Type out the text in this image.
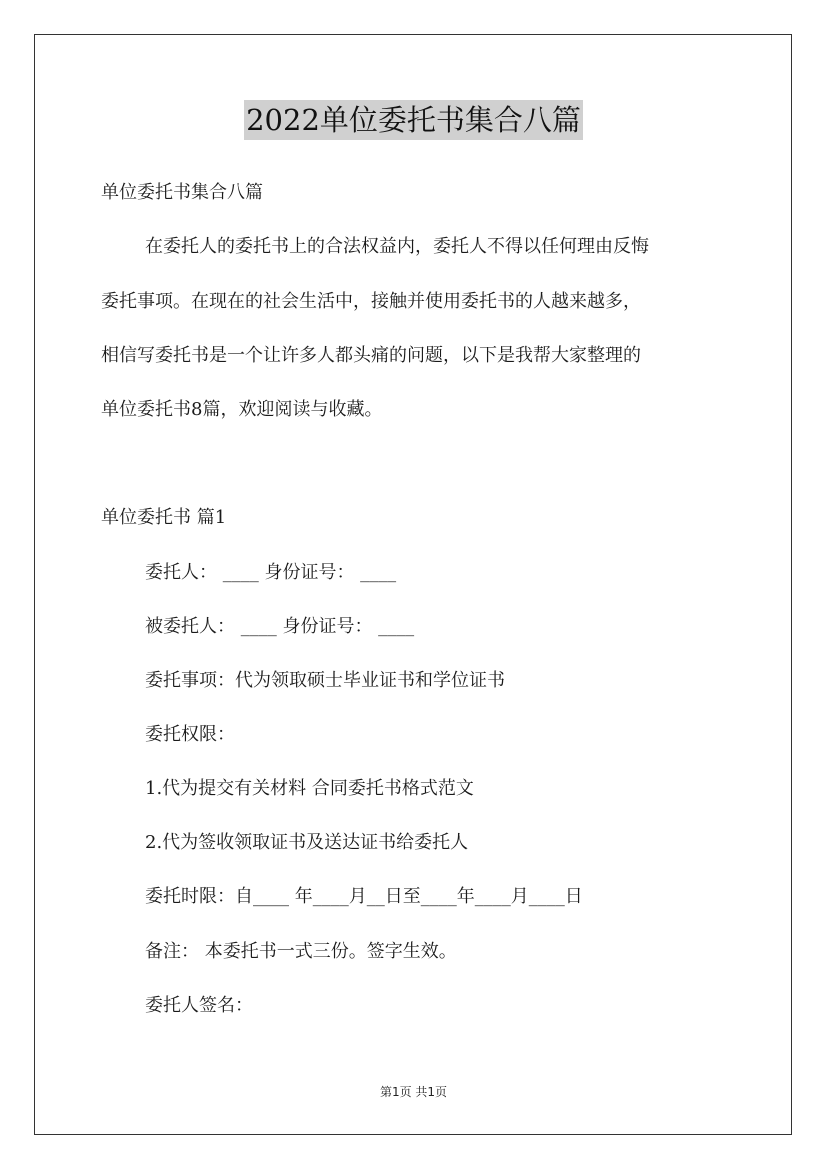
2022单位委托书集合八篇
单位委托书集合八篇
在委托人的委托书上的合法权益内，委托人不得以任何理由反悔
委托事项。在现在的社会生活中，接触并使用委托书的人越来越多，
相信写委托书是一个让许多人都头痛的问题，以下是我帮大家整理的
单位委托书8篇，欢迎阅读与收藏。
单位委托书 篇1
委托人： ____ 身份证号： ____
被委托人： ____ 身份证号： ____
委托事项：代为领取硕士毕业证书和学位证书
委托权限：
1.代为提交有关材料 合同委托书格式范文
2.代为签收领取证书及送达证书给委托人
委托时限：自____ 年____月__日至____年____月____日
备注： 本委托书一式三份。签字生效。
委托人签名：
第1页 共1页
